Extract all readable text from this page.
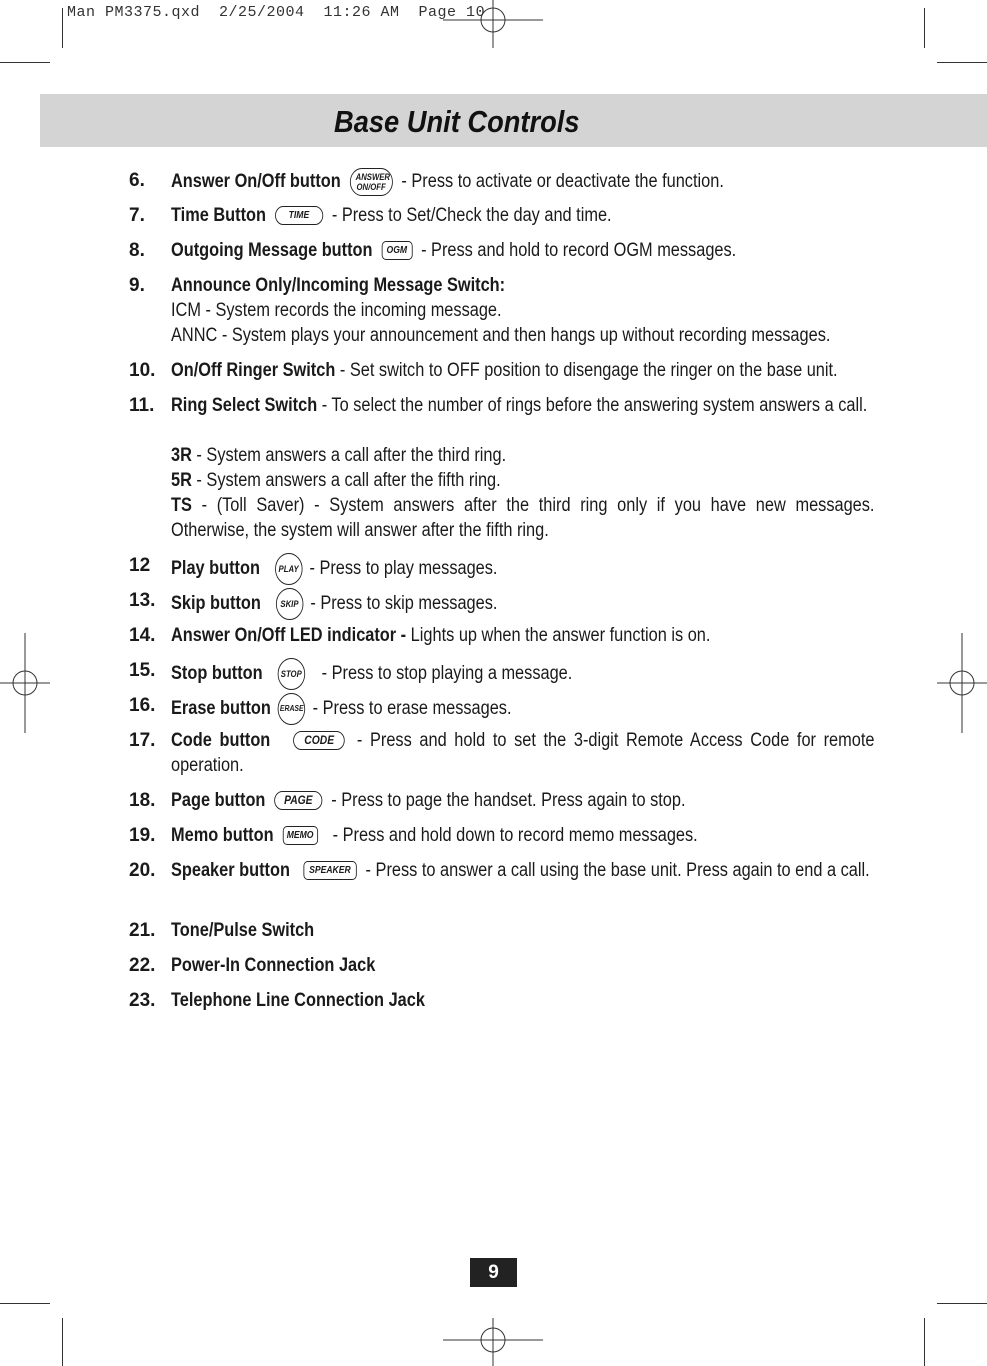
Man PM3375.qxd  2/25/2004  11:26 AM  Page 10
Base Unit Controls
6. Answer On/Off button ANSWER
ON/OFF - Press to activate or deactivate the function.
7. Time Button TIME - Press to Set/Check the day and time.
8. Outgoing Message button OGM - Press and hold to record OGM messages.
9. Announce Only/Incoming Message Switch:
ICM - System records the incoming message.
ANNC - System plays your announcement and then hangs up without recording messages.
10. On/Off Ringer Switch - Set switch to OFF position to disengage the ringer on the base unit.
11. Ring Select Switch - To select the number of rings before the answering system answers a call.
3R - System answers a call after the third ring.
5R - System answers a call after the fifth ring.
TS - (Toll Saver) - System answers after the third ring only if you have new messages. Otherwise, the system will answer after the fifth ring.
12 Play button PLAY - Press to play messages.
13. Skip button SKIP - Press to skip messages.
14. Answer On/Off LED indicator - Lights up when the answer function is on.
15. Stop button STOP - Press to stop playing a message.
16. Erase button ERASE - Press to erase messages.
17. Code button	CODE - Press and hold to set the 3-digit Remote Access Code for remote operation.
18. Page button PAGE - Press to page the handset. Press again to stop.
19. Memo button MEMO - Press and hold down to record memo messages.
20. Speaker button SPEAKER - Press to answer a call using the base unit. Press again to end a call.
21. Tone/Pulse Switch
22. Power-In Connection Jack
23. Telephone Line Connection Jack
9
